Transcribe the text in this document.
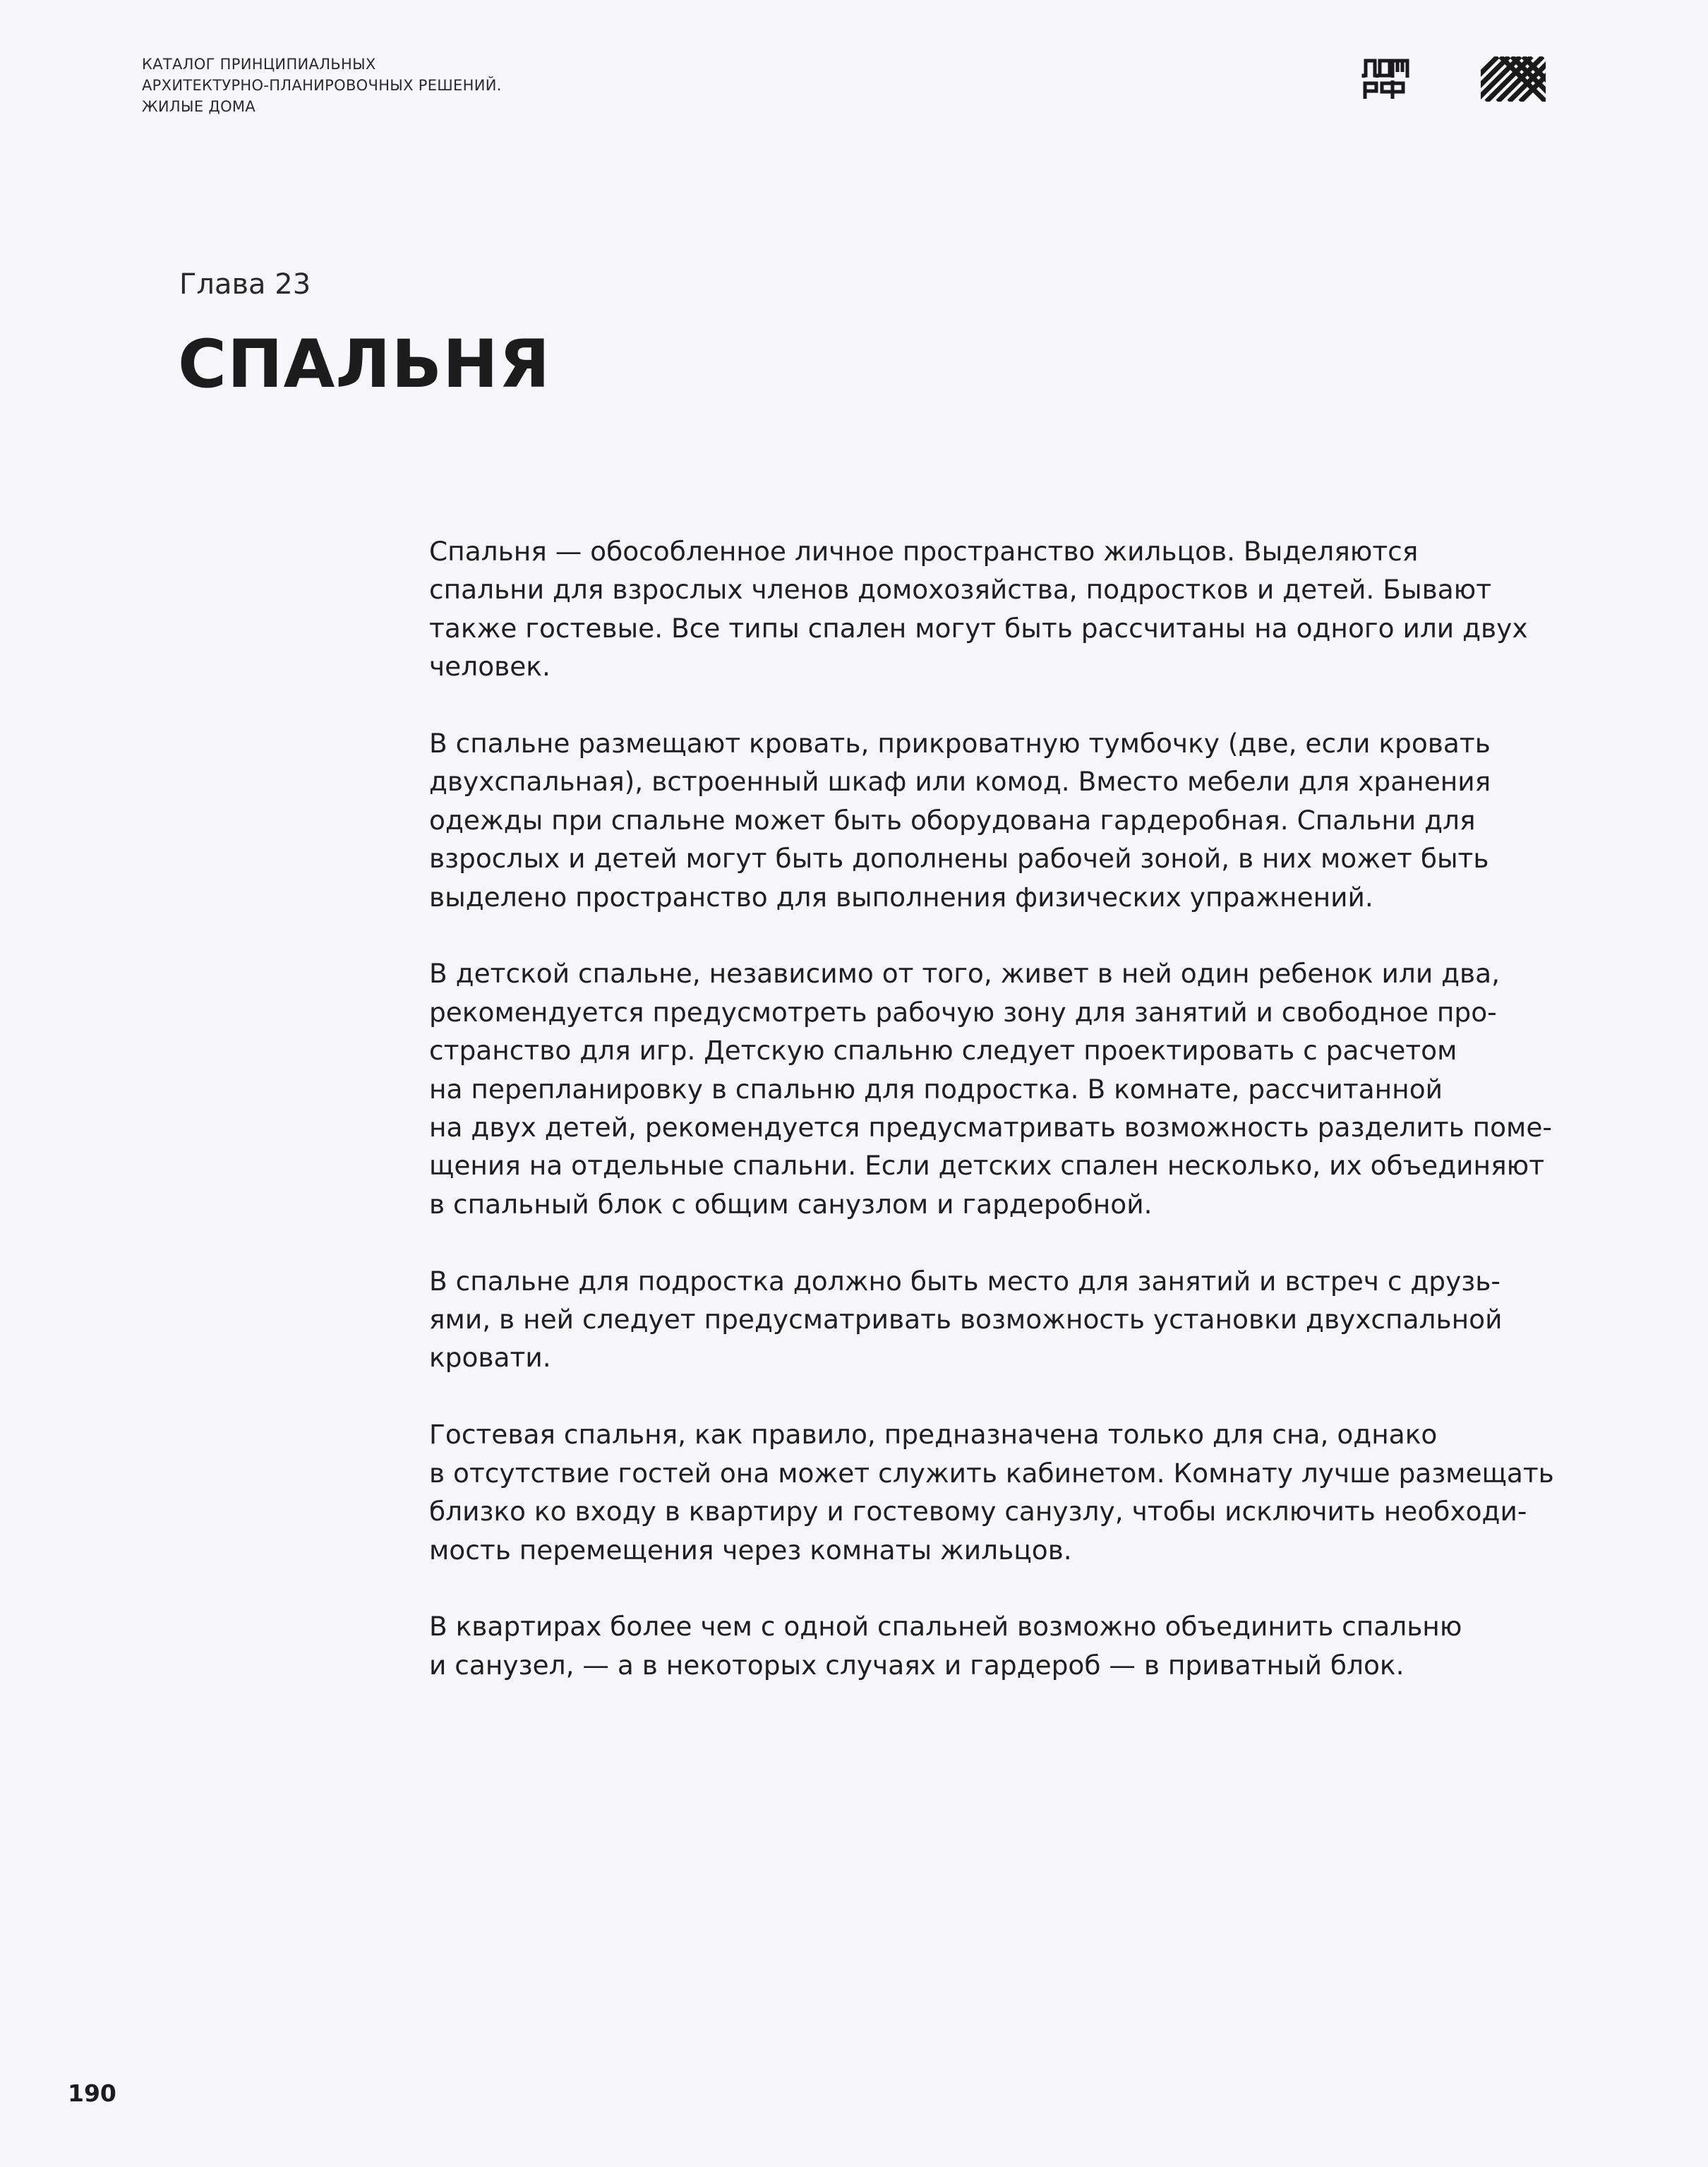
КАТАЛОГ ПРИНЦИПИАЛЬНЫХ
АРХИТЕКТУРНО-ПЛАНИРОВОЧНЫХ РЕШЕНИЙ.
ЖИЛЫЕ ДОМА
Глава 23
СПАЛЬНЯ
Спальня — обособленное личное пространство жильцов. Выделяются
спальни для взрослых членов домохозяйства, подростков и детей. Бывают
также гостевые. Все типы спален могут быть рассчитаны на одного или двух
человек.
В спальне размещают кровать, прикроватную тумбочку (две, если кровать
двухспальная), встроенный шкаф или комод. Вместо мебели для хранения
одежды при спальне может быть оборудована гардеробная. Спальни для
взрослых и детей могут быть дополнены рабочей зоной, в них может быть
выделено пространство для выполнения физических упражнений.
В детской спальне, независимо от того, живет в ней один ребенок или два,
рекомендуется предусмотреть рабочую зону для занятий и свободное про-
странство для игр. Детскую спальню следует проектировать с расчетом
на перепланировку в спальню для подростка. В комнате, рассчитанной
на двух детей, рекомендуется предусматривать возможность разделить поме-
щения на отдельные спальни. Если детских спален несколько, их объединяют
в спальный блок с общим санузлом и гардеробной.
В спальне для подростка должно быть место для занятий и встреч с друзь-
ями, в ней следует предусматривать возможность установки двухспальной
кровати.
Гостевая спальня, как правило, предназначена только для сна, однако
в отсутствие гостей она может служить кабинетом. Комнату лучше размещать
близко ко входу в квартиру и гостевому санузлу, чтобы исключить необходи-
мость перемещения через комнаты жильцов.
В квартирах более чем с одной спальней возможно объединить спальню
и санузел, — а в некоторых случаях и гардероб — в приватный блок.
190
